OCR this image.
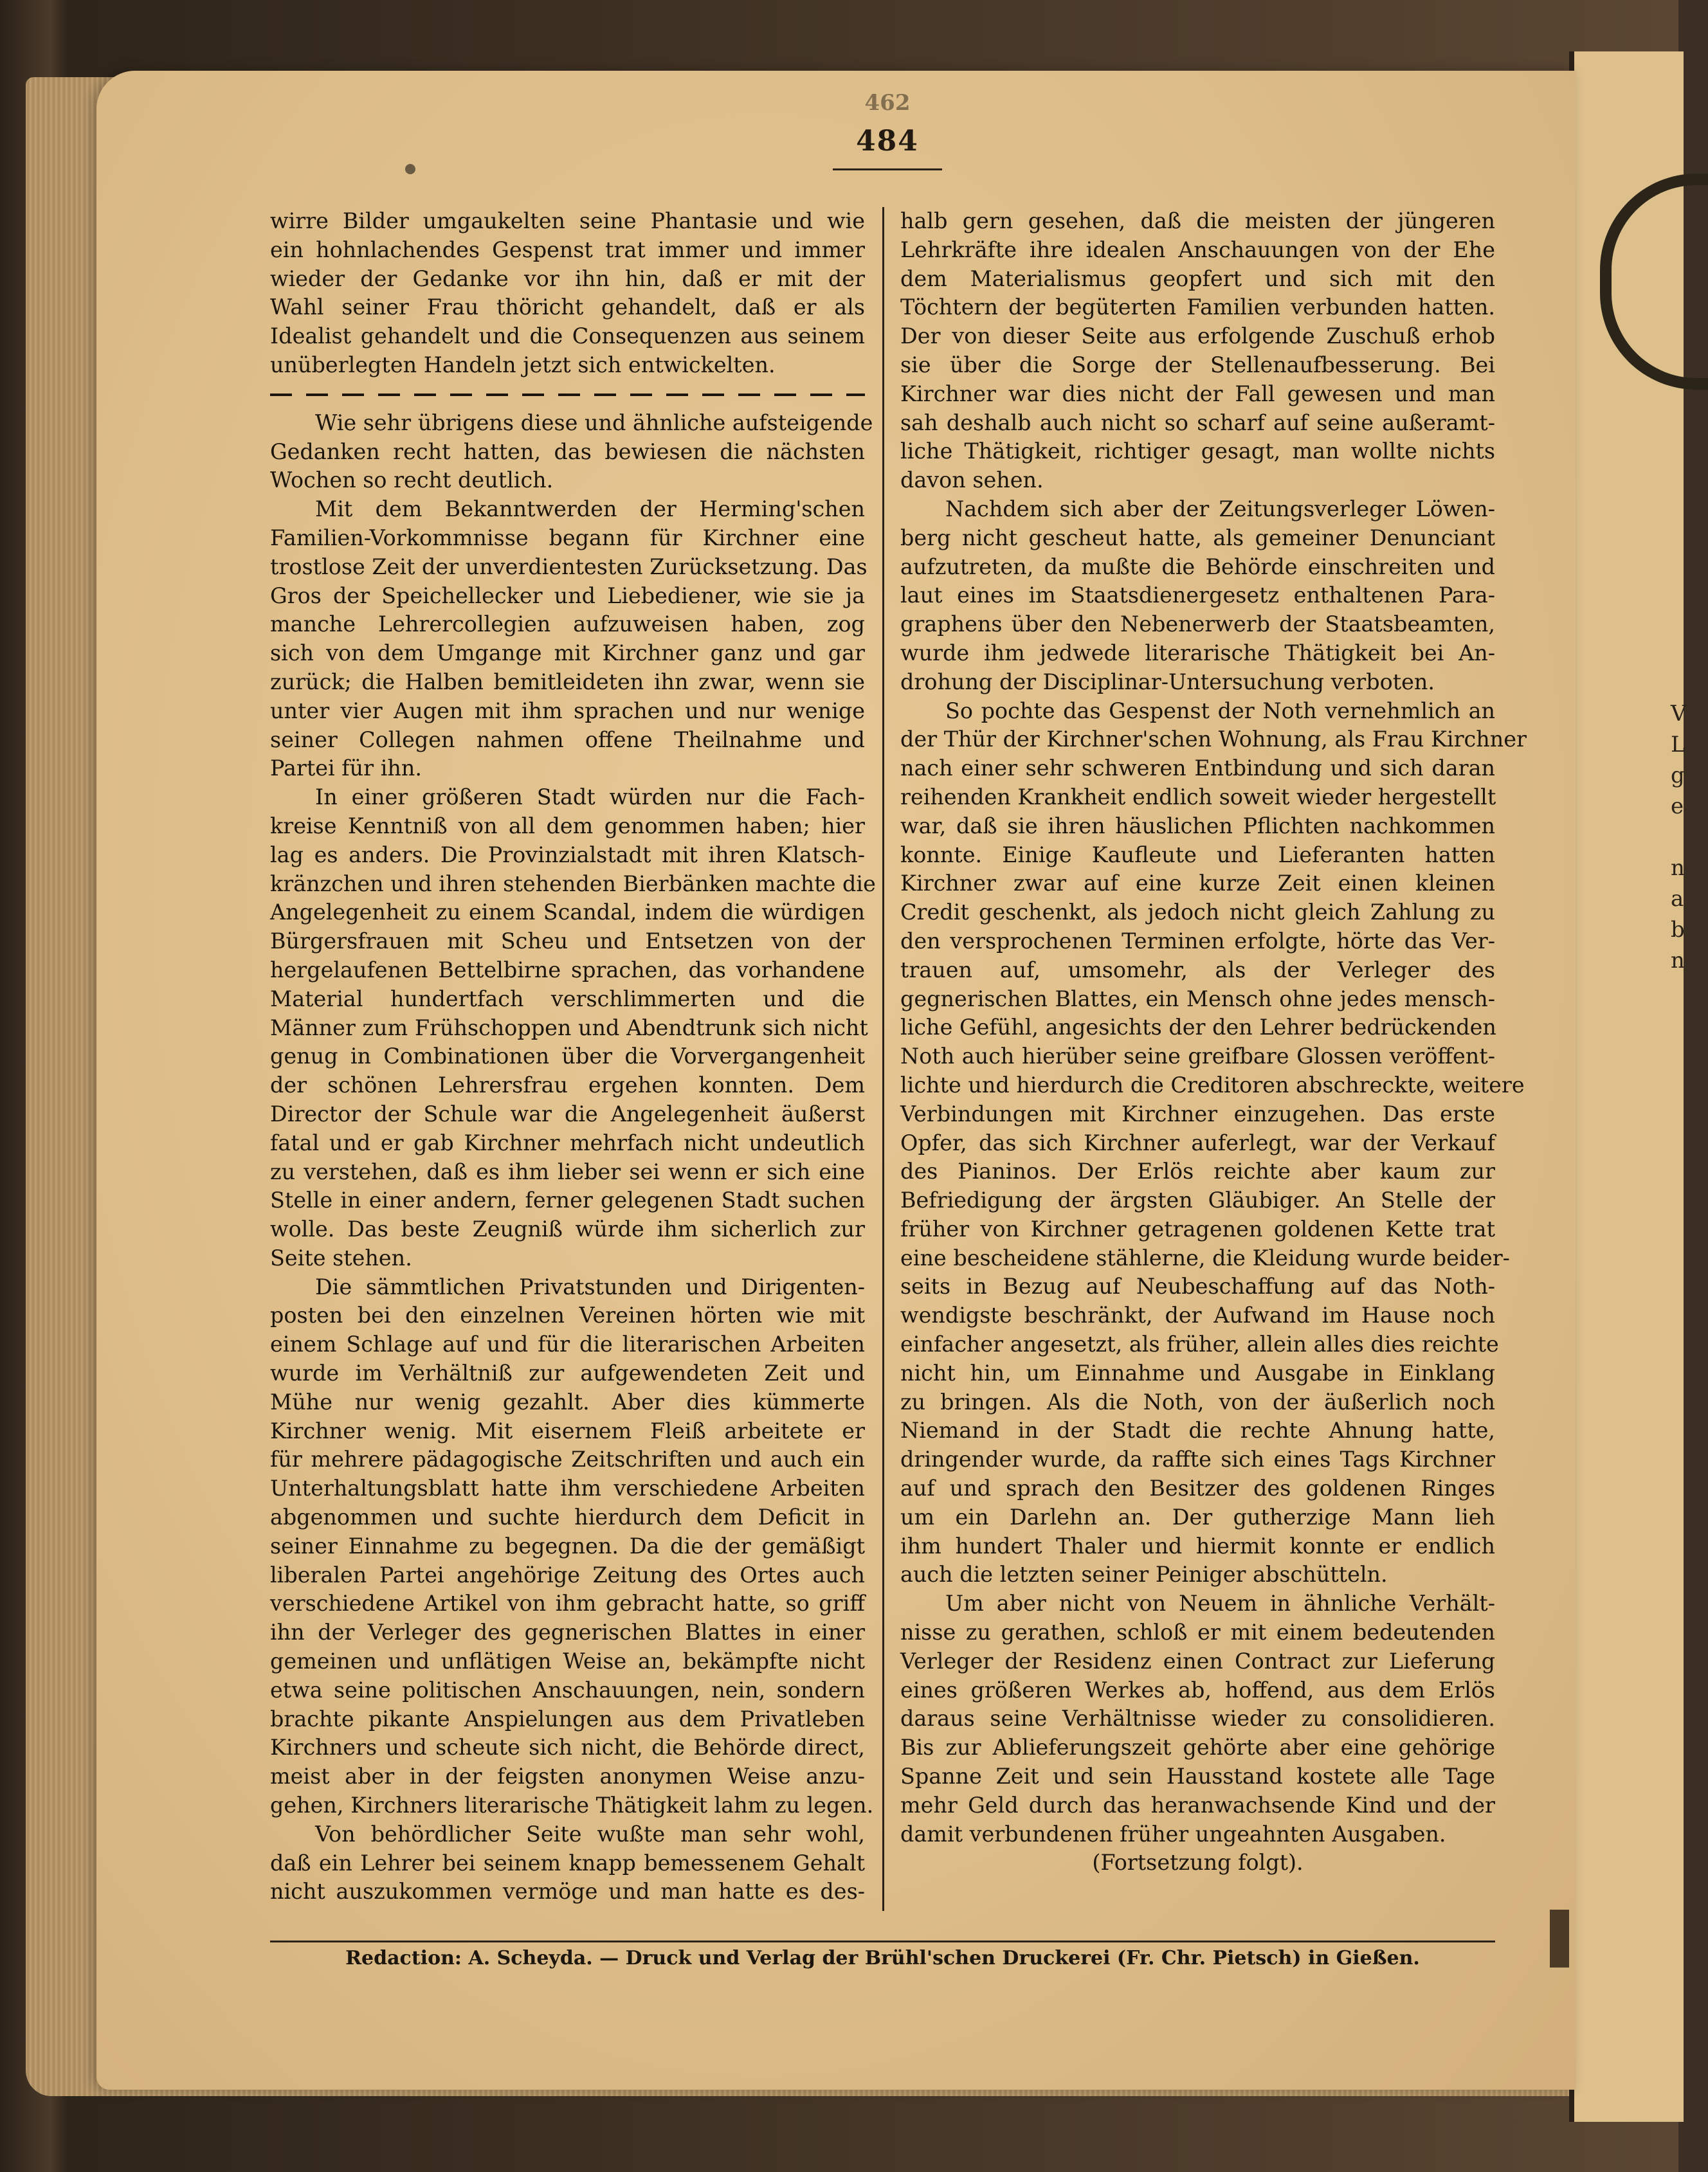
V
L
g
e
n
a
b
n
462
484

wirre Bilder umgaukelten seine Phantasie und wie

ein hohnlachendes Gespenst trat immer und immer

wieder der Gedanke vor ihn hin, daß er mit der

Wahl seiner Frau thöricht gehandelt, daß er als

Idealist gehandelt und die Consequenzen aus seinem

unüberlegten Handeln jetzt sich entwickelten.

Wie sehr übrigens diese und ähnliche aufsteigende

Gedanken recht hatten, das bewiesen die nächsten

Wochen so recht deutlich.

Mit dem Bekanntwerden der Herming'schen

Familien-Vorkommnisse begann für Kirchner eine

trostlose Zeit der unverdientesten Zurücksetzung. Das

Gros der Speichellecker und Liebediener, wie sie ja

manche Lehrercollegien aufzuweisen haben, zog

sich von dem Umgange mit Kirchner ganz und gar

zurück; die Halben bemitleideten ihn zwar, wenn sie

unter vier Augen mit ihm sprachen und nur wenige

seiner Collegen nahmen offene Theilnahme und

Partei für ihn.

In einer größeren Stadt würden nur die Fach-

kreise Kenntniß von all dem genommen haben; hier

lag es anders. Die Provinzialstadt mit ihren Klatsch-

kränzchen und ihren stehenden Bierbänken machte die

Angelegenheit zu einem Scandal, indem die würdigen

Bürgersfrauen mit Scheu und Entsetzen von der

hergelaufenen Bettelbirne sprachen, das vorhandene

Material hundertfach verschlimmerten und die

Männer zum Frühschoppen und Abendtrunk sich nicht

genug in Combinationen über die Vorvergangenheit

der schönen Lehrersfrau ergehen konnten. Dem

Director der Schule war die Angelegenheit äußerst

fatal und er gab Kirchner mehrfach nicht undeutlich

zu verstehen, daß es ihm lieber sei wenn er sich eine

Stelle in einer andern, ferner gelegenen Stadt suchen

wolle. Das beste Zeugniß würde ihm sicherlich zur

Seite stehen.

Die sämmtlichen Privatstunden und Dirigenten-

posten bei den einzelnen Vereinen hörten wie mit

einem Schlage auf und für die literarischen Arbeiten

wurde im Verhältniß zur aufgewendeten Zeit und

Mühe nur wenig gezahlt. Aber dies kümmerte

Kirchner wenig. Mit eisernem Fleiß arbeitete er

für mehrere pädagogische Zeitschriften und auch ein

Unterhaltungsblatt hatte ihm verschiedene Arbeiten

abgenommen und suchte hierdurch dem Deficit in

seiner Einnahme zu begegnen. Da die der gemäßigt

liberalen Partei angehörige Zeitung des Ortes auch

verschiedene Artikel von ihm gebracht hatte, so griff

ihn der Verleger des gegnerischen Blattes in einer

gemeinen und unflätigen Weise an, bekämpfte nicht

etwa seine politischen Anschauungen, nein, sondern

brachte pikante Anspielungen aus dem Privatleben

Kirchners und scheute sich nicht, die Behörde direct,

meist aber in der feigsten anonymen Weise anzu-

gehen, Kirchners literarische Thätigkeit lahm zu legen.

Von behördlicher Seite wußte man sehr wohl,

daß ein Lehrer bei seinem knapp bemessenem Gehalt

nicht auszukommen vermöge und man hatte es des-

halb gern gesehen, daß die meisten der jüngeren

Lehrkräfte ihre idealen Anschauungen von der Ehe

dem Materialismus geopfert und sich mit den

Töchtern der begüterten Familien verbunden hatten.

Der von dieser Seite aus erfolgende Zuschuß erhob

sie über die Sorge der Stellenaufbesserung. Bei

Kirchner war dies nicht der Fall gewesen und man

sah deshalb auch nicht so scharf auf seine außeramt-

liche Thätigkeit, richtiger gesagt, man wollte nichts

davon sehen.

Nachdem sich aber der Zeitungsverleger Löwen-

berg nicht gescheut hatte, als gemeiner Denunciant

aufzutreten, da mußte die Behörde einschreiten und

laut eines im Staatsdienergesetz enthaltenen Para-

graphens über den Nebenerwerb der Staatsbeamten,

wurde ihm jedwede literarische Thätigkeit bei An-

drohung der Disciplinar-Untersuchung verboten.

So pochte das Gespenst der Noth vernehmlich an

der Thür der Kirchner'schen Wohnung, als Frau Kirchner

nach einer sehr schweren Entbindung und sich daran

reihenden Krankheit endlich soweit wieder hergestellt

war, daß sie ihren häuslichen Pflichten nachkommen

konnte. Einige Kaufleute und Lieferanten hatten

Kirchner zwar auf eine kurze Zeit einen kleinen

Credit geschenkt, als jedoch nicht gleich Zahlung zu

den versprochenen Terminen erfolgte, hörte das Ver-

trauen auf, umsomehr, als der Verleger des

gegnerischen Blattes, ein Mensch ohne jedes mensch-

liche Gefühl, angesichts der den Lehrer bedrückenden

Noth auch hierüber seine greifbare Glossen veröffent-

lichte und hierdurch die Creditoren abschreckte, weitere

Verbindungen mit Kirchner einzugehen. Das erste

Opfer, das sich Kirchner auferlegt, war der Verkauf

des Pianinos. Der Erlös reichte aber kaum zur

Befriedigung der ärgsten Gläubiger. An Stelle der

früher von Kirchner getragenen goldenen Kette trat

eine bescheidene stählerne, die Kleidung wurde beider-

seits in Bezug auf Neubeschaffung auf das Noth-

wendigste beschränkt, der Aufwand im Hause noch

einfacher angesetzt, als früher, allein alles dies reichte

nicht hin, um Einnahme und Ausgabe in Einklang

zu bringen. Als die Noth, von der äußerlich noch

Niemand in der Stadt die rechte Ahnung hatte,

dringender wurde, da raffte sich eines Tags Kirchner

auf und sprach den Besitzer des goldenen Ringes

um ein Darlehn an. Der gutherzige Mann lieh

ihm hundert Thaler und hiermit konnte er endlich

auch die letzten seiner Peiniger abschütteln.

Um aber nicht von Neuem in ähnliche Verhält-

nisse zu gerathen, schloß er mit einem bedeutenden

Verleger der Residenz einen Contract zur Lieferung

eines größeren Werkes ab, hoffend, aus dem Erlös

daraus seine Verhältnisse wieder zu consolidieren.

Bis zur Ablieferungszeit gehörte aber eine gehörige

Spanne Zeit und sein Hausstand kostete alle Tage

mehr Geld durch das heranwachsende Kind und der

damit verbundenen früher ungeahnten Ausgaben.

(Fortsetzung folgt).

Redaction: A. Scheyda. — Druck und Verlag der Brühl'schen Druckerei (Fr. Chr. Pietsch) in Gießen.
